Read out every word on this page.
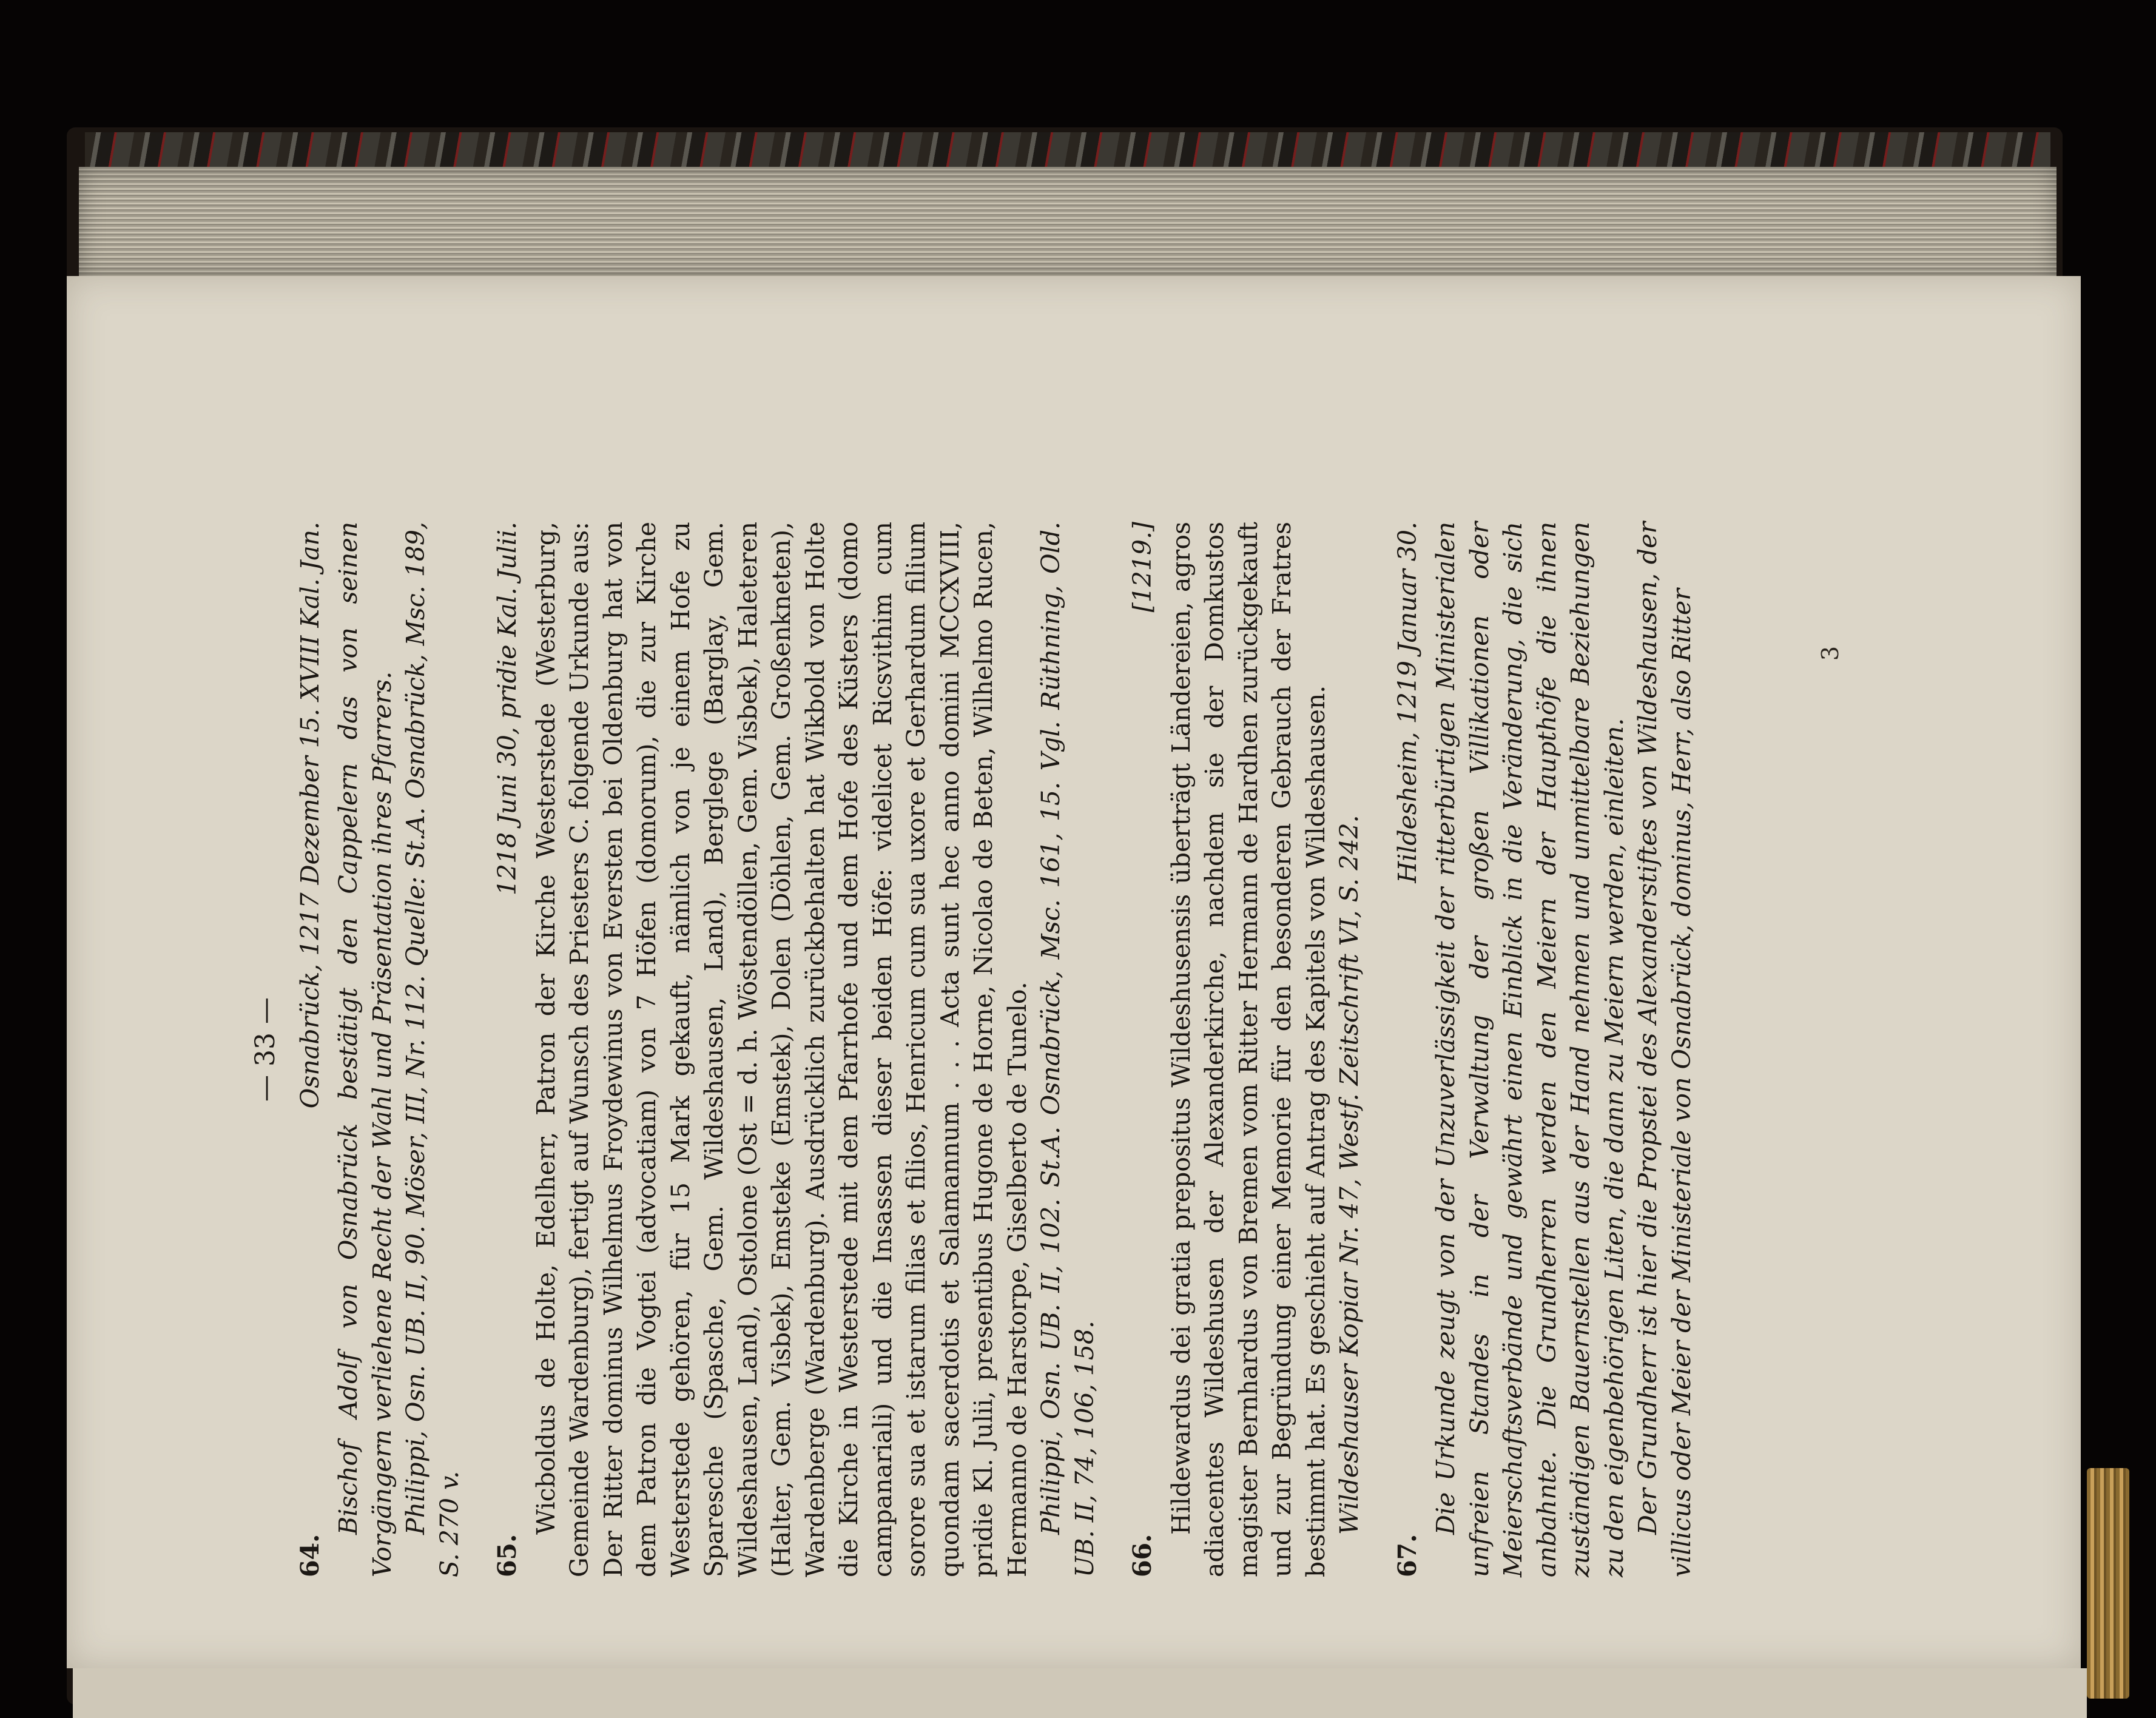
— 33 —
64.
Osnabrück, 1217 Dezember 15. XVIII Kal. Jan. Bischof Adolf von Osnabrück bestätigt den Cappelern das von seinen Vorgängern verliehene Recht der Wahl und Präsentation ihres Pfarrers. Philippi, Osn. UB. II, 90. Möser, III, Nr. 112. Quelle: St.A. Osnabrück, Msc. 189, S. 270 v. 65.
1218 Juni 30, pridie Kal. Julii. Wicboldus de Holte, Edelherr, Patron der Kirche Westerstede (Westerburg, Gemeinde Wardenburg), fertigt auf Wunsch des Priesters C. folgende Urkunde aus: Der Ritter dominus Wilhelmus Froydewinus von Eversten bei Oldenburg hat von dem Patron die Vogtei (advocatiam) von 7 Höfen (domorum), die zur Kirche Westerstede gehören, für 15 Mark gekauft, nämlich von je einem Hofe zu Sparesche (Spasche, Gem. Wildeshausen, Land), Berglege (Barglay, Gem. Wildeshausen, Land), Ostolone (Ost = d. h. Wöstendöllen, Gem. Visbek), Haleteren (Halter, Gem. Visbek), Emsteke (Emstek), Dolen (Döhlen, Gem. Großenkneten), Wardenberge (Wardenburg). Ausdrücklich zurückbehalten hat Wikbold von Holte die Kirche in Westerstede mit dem Pfarrhofe und dem Hofe des Küsters (domo campanariali) und die Insassen dieser beiden Höfe: videlicet Ricsvithim cum sorore sua et istarum filias et filios, Henricum cum sua uxore et Gerhardum filium quondam sacerdotis et Salamannum . . . Acta sunt hec anno domini MCCXVIII, pridie Kl. Julii, presentibus Hugone de Horne, Nicolao de Beten, Wilhelmo Rucen, Hermanno de Harstorpe, Giselberto de Tunelo. Philippi, Osn. UB. II, 102. St.A. Osnabrück, Msc. 161, 15. Vgl. Rüthning, Old. UB. II, 74, 106, 158. 66.
[1219.] Hildewardus dei gratia prepositus Wildeshusensis überträgt Ländereien, agros adiacentes Wildeshusen der Alexanderkirche, nachdem sie der Domkustos magister Bernhardus von Bremen vom Ritter Hermann de Hardhen zurückgekauft und zur Begründung einer Memorie für den besonderen Gebrauch der Fratres bestimmt hat. Es geschieht auf Antrag des Kapitels von Wildeshausen. Wildeshauser Kopiar Nr. 47, Westf. Zeitschrift VI, S. 242.

67.
Hildesheim, 1219 Januar 30. Die Urkunde zeugt von der Unzuverlässigkeit der ritterbürtigen Ministerialen unfreien Standes in der Verwaltung der großen Villikationen oder Meierschaftsverbände und gewährt einen Einblick in die Veränderung, die sich anbahnte. Die Grundherren werden den Meiern der Haupthöfe die ihnen zuständigen Bauernstellen aus der Hand nehmen und unmittelbare Beziehungen zu den eigenbehörigen Liten, die dann zu Meiern werden, einleiten. Der Grundherr ist hier die Propstei des Alexanderstiftes von Wildeshausen, der villicus oder Meier der Ministeriale von Osnabrück, dominus, Herr, also Ritter	3
